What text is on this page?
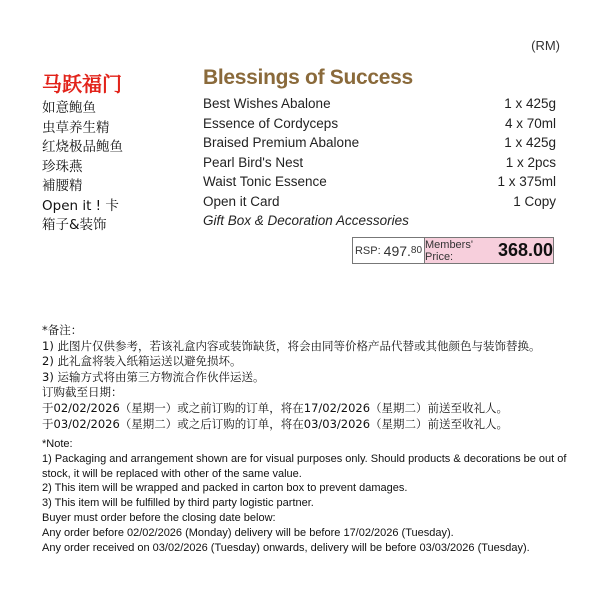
(RM)
马跃福门	Blessings of Success
如意鲍鱼	Best Wishes Abalone	1 x 425g
虫草养生精	Essence of Cordyceps	4 x 70ml
红烧极品鲍鱼	Braised Premium Abalone	1 x 425g
珍珠燕	Pearl Bird's Nest	1 x 2pcs
補腰精	Waist Tonic Essence	1 x 375ml
Open it ! 卡	Open it Card	1 Copy
箱子&装饰	Gift Box & Decoration Accessories
RSP: 497. 80 Members' Price:	368.00

*备注：

1) 此图片仅供参考，若该礼盒内容或装饰缺货，将会由同等价格产品代替或其他颜色与装饰替换。

2) 此礼盒将装入纸箱运送以避免损坏。

3) 运输方式将由第三方物流合作伙伴运送。

订购截至日期：

于02/02/2026（星期一）或之前订购的订单，将在17/02/2026（星期二）前送至收礼人。

于03/02/2026（星期二）或之后订购的订单，将在03/03/2026（星期二）前送至收礼人。

*Note:

1) Packaging and arrangement shown are for visual purposes only. Should products & decorations be out of stock, it will be replaced with other of the same value.

2) This item will be wrapped and packed in carton box to prevent damages.

3) This item will be fulfilled by third party logistic partner.

Buyer must order before the closing date below:

Any order before 02/02/2026 (Monday) delivery will be before 17/02/2026 (Tuesday).

Any order received on 03/02/2026 (Tuesday) onwards, delivery will be before 03/03/2026 (Tuesday).
